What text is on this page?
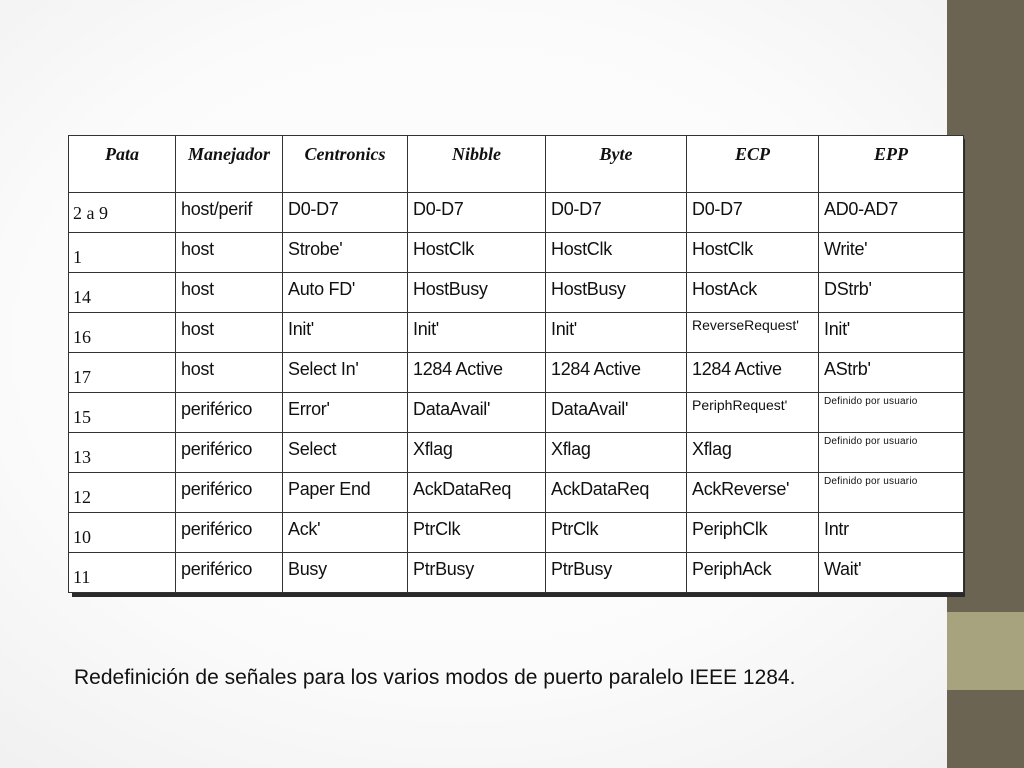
Pata	Manejador	Centronics	Nibble	Byte	ECP	EPP
2 a 9	host/perif	D0-D7	D0-D7	D0-D7	D0-D7	AD0-AD7
1	host	Strobe'	HostClk	HostClk	HostClk	Write'
14	host	Auto FD'	HostBusy	HostBusy	HostAck	DStrb'
16	host	Init'	Init'	Init'	ReverseRequest'	Init'
17	host	Select In'	1284 Active	1284 Active	1284 Active	AStrb'
15	periférico	Error'	DataAvail'	DataAvail'	PeriphRequest'	Definido por usuario
13	periférico	Select	Xflag	Xflag	Xflag	Definido por usuario
12	periférico	Paper End	AckDataReq	AckDataReq	AckReverse'	Definido por usuario
10	periférico	Ack'	PtrClk	PtrClk	PeriphClk	Intr
11	periférico	Busy	PtrBusy	PtrBusy	PeriphAck	Wait'
Redefinición de señales para los varios modos de puerto paralelo IEEE 1284.
